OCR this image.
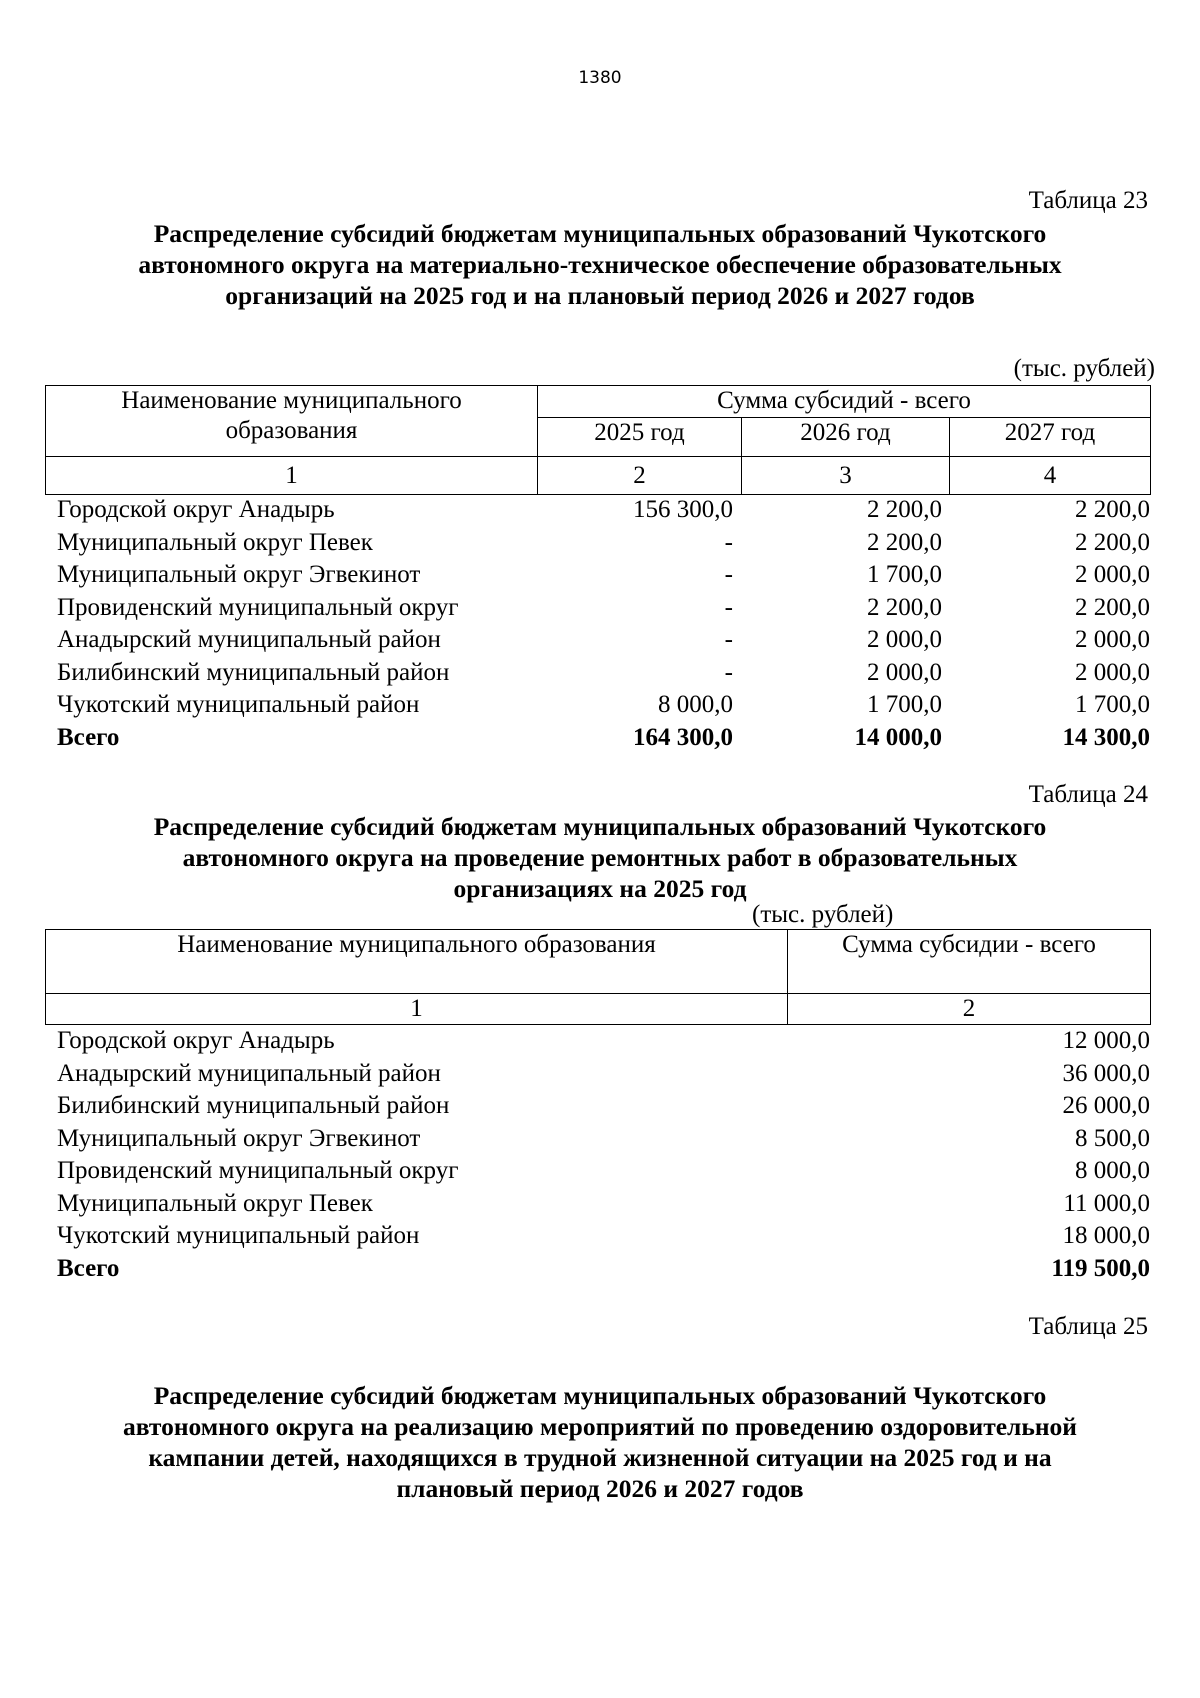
1380
Таблица 23
Распределение субсидий бюджетам муниципальных образований Чукотского
автономного округа на материально-техническое обеспечение образовательных
организаций на 2025 год и на плановый период 2026 и 2027 годов
(тыс. рублей)
Наименование муниципального
образования	Сумма субсидий - всего		
	2025 год	2026 год	2027 год
1	2	3	4
Городской округ Анадырь	156 300,0	2 200,0	2 200,0
Муниципальный округ Певек	-	2 200,0	2 200,0
Муниципальный округ Эгвекинот	-	1 700,0	2 000,0
Провиденский муниципальный округ	-	2 200,0	2 200,0
Анадырский муниципальный район	-	2 000,0	2 000,0
Билибинский муниципальный район	-	2 000,0	2 000,0
Чукотский муниципальный район	8 000,0	1 700,0	1 700,0
Всего	164 300,0	14 000,0	14 300,0
Таблица 24
Распределение субсидий бюджетам муниципальных образований Чукотского
автономного округа на проведение ремонтных работ в образовательных
организациях на 2025 год
(тыс. рублей)
Наименование муниципального образования	Сумма субсидии - всего
1	2
Городской округ Анадырь	12 000,0
Анадырский муниципальный район	36 000,0
Билибинский муниципальный район	26 000,0
Муниципальный округ Эгвекинот	8 500,0
Провиденский муниципальный округ	8 000,0
Муниципальный округ Певек	11 000,0
Чукотский муниципальный район	18 000,0
Всего	119 500,0
Таблица 25
Распределение субсидий бюджетам муниципальных образований Чукотского
автономного округа на реализацию мероприятий по проведению оздоровительной
кампании детей, находящихся в трудной жизненной ситуации на 2025 год и на
плановый период 2026 и 2027 годов
